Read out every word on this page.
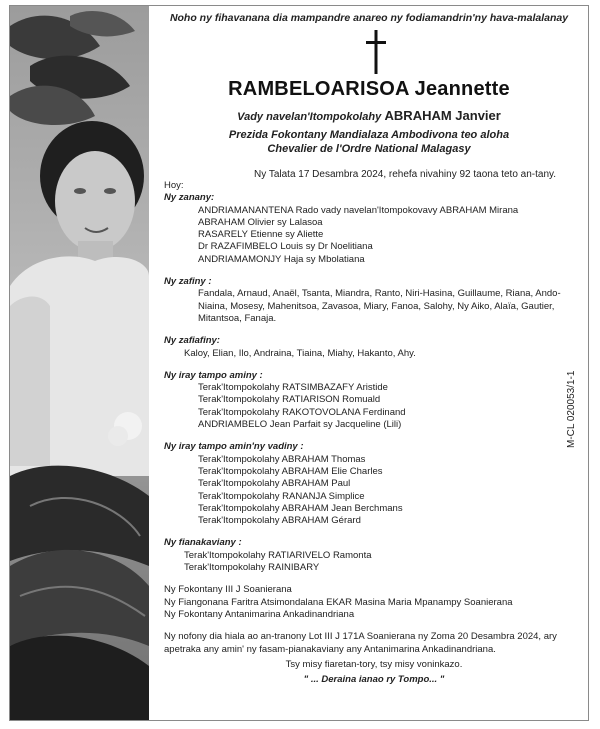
Noho ny fihavanana dia mampandre anareo ny fodiamandrin'ny hava-malalanay
RAMBELOARISOA Jeannette
Vady navelan'Itompokolahy ABRAHAM Janvier
Prezida Fokontany Mandialaza Ambodivona teo aloha
Chevalier de l'Ordre National Malagasy
Ny Talata 17 Desambra 2024, rehefa nivahiny 92 taona teto an-tany.
Hoy:
Ny zanany:
ANDRIAMANANTENA Rado vady navelan'Itompokovavy ABRAHAM Mirana
ABRAHAM Olivier sy Lalasoa
RASARELY Etienne sy Aliette
Dr RAZAFIMBELO Louis sy Dr Noelitiana
ANDRIAMAMONJY Haja sy Mbolatiana
Ny zafiny :
Fandala, Arnaud, Anaël, Tsanta, Miandra, Ranto, Niri-Hasina, Guillaume, Riana, Ando-Niaina, Mosesy, Mahenitsoa, Zavasoa, Miary, Fanoa, Salohy, Ny Aiko, Alaïa, Gautier, Mitantsoa, Fanaja.
Ny zafiafiny:
Kaloy, Elian, Ilo, Andraina, Tiaina, Miahy, Hakanto, Ahy.
Ny iray tampo aminy :
Terak'Itompokolahy RATSIMBAZAFY Aristide
Terak'Itompokolahy RATIARISON Romuald
Terak'Itompokolahy RAKOTOVOLANA Ferdinand
ANDRIAMBELO Jean Parfait sy Jacqueline (Lili)
Ny iray tampo amin'ny vadiny :
Terak'Itompokolahy ABRAHAM Thomas
Terak'Itompokolahy ABRAHAM Elie Charles
Terak'Itompokolahy ABRAHAM Paul
Terak'Itompokolahy RANANJA Simplice
Terak'Itompokolahy ABRAHAM Jean Berchmans
Terak'Itompokolahy ABRAHAM Gérard
Ny fianakaviany :
Terak'Itompokolahy RATIARIVELO Ramonta
Terak'Itompokolahy RAINIBARY
Ny Fokontany III J Soanierana
Ny Fiangonana Faritra Atsimondalana EKAR Masina Maria Mpanampy Soanierana
Ny Fokontany Antanimarina Ankadinandriana
Ny nofony dia hiala ao an-tranony Lot III J 171A Soanierana ny Zoma 20 Desambra 2024, ary apetraka any amin' ny fasam-pianakaviany any Antanimarina Ankadinandriana.
Tsy misy fiaretan-tory, tsy misy voninkazo.
" ... Deraina ianao ry Tompo... "
M-CL 020053/1-1
